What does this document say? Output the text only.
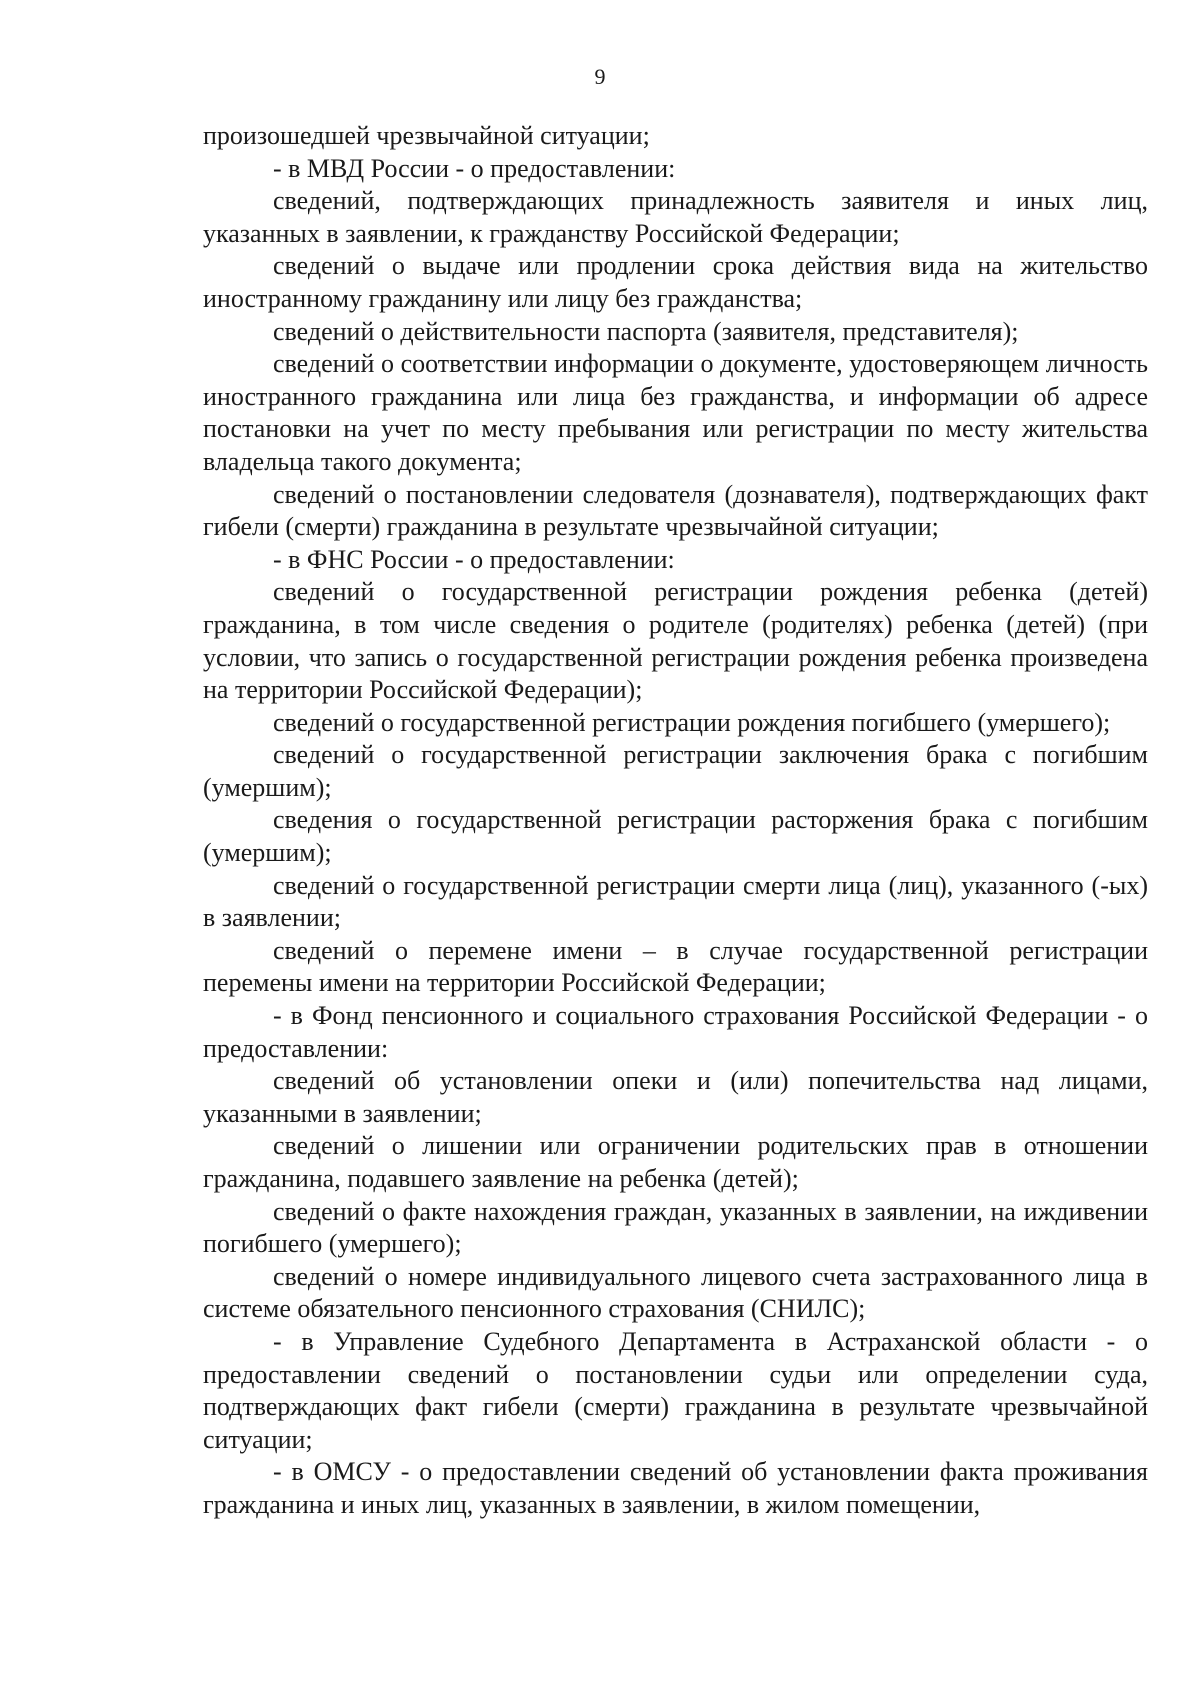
9

произошедшей чрезвычайной ситуации;

- в МВД России - о предоставлении:

сведений, подтверждающих принадлежность заявителя и иных лиц, указанных в заявлении, к гражданству Российской Федерации;

сведений о выдаче или продлении срока действия вида на жительство иностранному гражданину или лицу без гражданства;

сведений о действительности паспорта (заявителя, представителя);

сведений о соответствии информации о документе, удостоверяющем личность иностранного гражданина или лица без гражданства, и информации об адресе постановки на учет по месту пребывания или регистрации по месту жительства владельца такого документа;

сведений о постановлении следователя (дознавателя), подтверждающих факт гибели (смерти) гражданина в результате чрезвычайной ситуации;

- в ФНС России - о предоставлении:

сведений о государственной регистрации рождения ребенка (детей) гражданина, в том числе сведения о родителе (родителях) ребенка (детей) (при условии, что запись о государственной регистрации рождения ребенка произведена на территории Российской Федерации);

сведений о государственной регистрации рождения погибшего (умершего);

сведений о государственной регистрации заключения брака с погибшим (умершим);

сведения о государственной регистрации расторжения брака с погибшим (умершим);

сведений о государственной регистрации смерти лица (лиц), указанного (-ых) в заявлении;

сведений о перемене имени – в случае государственной регистрации перемены имени на территории Российской Федерации;

- в Фонд пенсионного и социального страхования Российской Федерации - о предоставлении:

сведений об установлении опеки и (или) попечительства над лицами, указанными в заявлении;

сведений о лишении или ограничении родительских прав в отношении гражданина, подавшего заявление на ребенка (детей);

сведений о факте нахождения граждан, указанных в заявлении, на иждивении погибшего (умершего);

сведений о номере индивидуального лицевого счета застрахованного лица в системе обязательного пенсионного страхования (СНИЛС);

- в Управление Судебного Департамента в Астраханской области - о предоставлении сведений о постановлении судьи или определении суда, подтверждающих факт гибели (смерти) гражданина в результате чрезвычайной ситуации;

- в ОМСУ - о предоставлении сведений об установлении факта проживания гражданина и иных лиц, указанных в заявлении, в жилом помещении,
